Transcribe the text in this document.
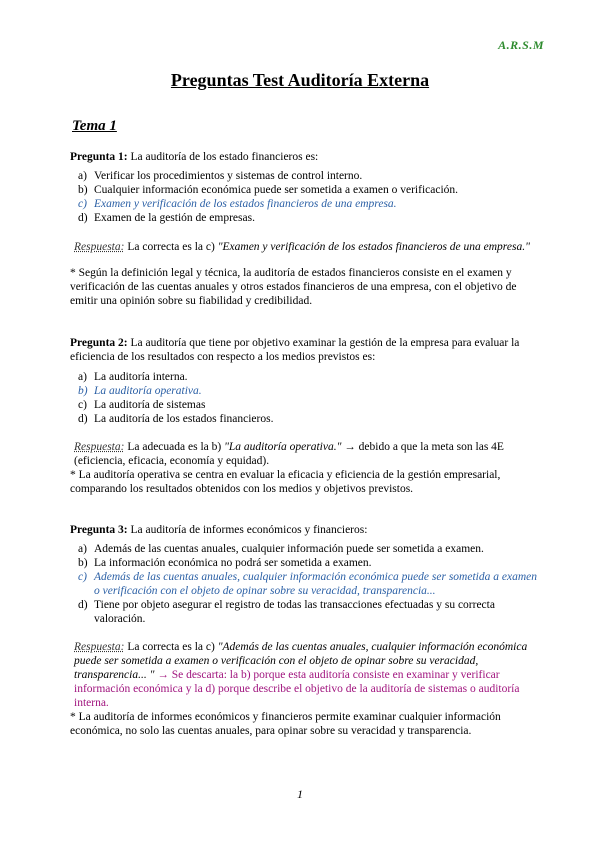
A.R.S.M
Preguntas Test Auditoría Externa
Tema 1
Pregunta 1: La auditoría de los estado financieros es:
a) Verificar los procedimientos y sistemas de control interno.
b) Cualquier información económica puede ser sometida a examen o verificación.
c) Examen y verificación de los estados financieros de una empresa.
d) Examen de la gestión de empresas.
Respuesta: La correcta es la c) "Examen y verificación de los estados financieros de una empresa."
* Según la definición legal y técnica, la auditoría de estados financieros consiste en el examen y verificación de las cuentas anuales y otros estados financieros de una empresa, con el objetivo de emitir una opinión sobre su fiabilidad y credibilidad.
Pregunta 2: La auditoría que tiene por objetivo examinar la gestión de la empresa para evaluar la eficiencia de los resultados con respecto a los medios previstos es:
a) La auditoría interna.
b) La auditoría operativa.
c) La auditoría de sistemas
d) La auditoría de los estados financieros.
Respuesta: La adecuada es la b) "La auditoría operativa." → debido a que la meta son las 4E (eficiencia, eficacia, economía y equidad).
* La auditoría operativa se centra en evaluar la eficacia y eficiencia de la gestión empresarial, comparando los resultados obtenidos con los medios y objetivos previstos.
Pregunta 3: La auditoría de informes económicos y financieros:
a) Además de las cuentas anuales, cualquier información puede ser sometida a examen.
b) La información económica no podrá ser sometida a examen.
c) Además de las cuentas anuales, cualquier información económica puede ser sometida a examen o verificación con el objeto de opinar sobre su veracidad, transparencia...
d) Tiene por objeto asegurar el registro de todas las transacciones efectuadas y su correcta valoración.
Respuesta: La correcta es la c) "Además de las cuentas anuales, cualquier información económica puede ser sometida a examen o verificación con el objeto de opinar sobre su veracidad, transparencia... " → Se descarta: la b) porque esta auditoría consiste en examinar y verificar información económica y la d) porque describe el objetivo de la auditoría de sistemas o auditoría interna.
* La auditoría de informes económicos y financieros permite examinar cualquier información económica, no solo las cuentas anuales, para opinar sobre su veracidad y transparencia.
1
